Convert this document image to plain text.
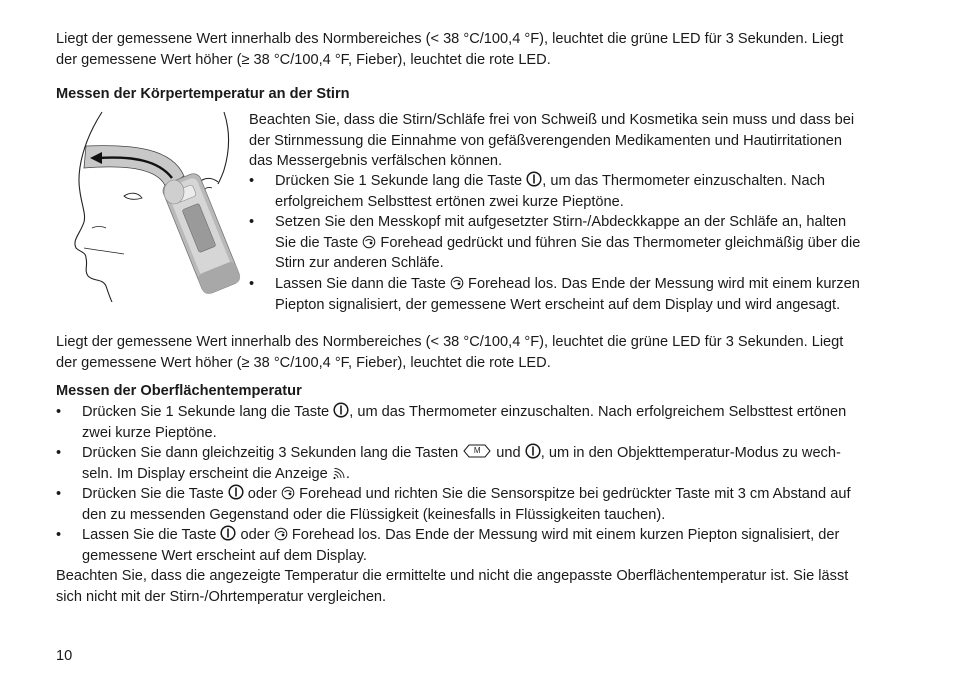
Liegt der gemessene Wert innerhalb des Normbereiches (< 38 °C/100,4 °F), leuchtet die grüne LED für 3 Sekunden. Liegt
der gemessene Wert höher (≥ 38 °C/100,4 °F, Fieber), leuchtet die rote LED.
Messen der Körpertemperatur an der Stirn
Beachten Sie, dass die Stirn/Schläfe frei von Schweiß und Kosmetika sein muss und dass bei
der Stirnmessung die Einnahme von gefäßverengenden Medikamenten und Hautirritationen
das Messergebnis verfälschen können.
• Drücken Sie 1 Sekunde lang die Taste , um das Thermometer einzuschalten. Nach
erfolgreichem Selbsttest ertönen zwei kurze Pieptöne.
• Setzen Sie den Messkopf mit aufgesetzter Stirn-/Abdeckkappe an der Schläfe an, halten
Sie die Taste  Forehead gedrückt und führen Sie das Thermometer gleichmäßig über die
Stirn zur anderen Schläfe.
• Lassen Sie dann die Taste  Forehead los. Das Ende der Messung wird mit einem kurzen
Piepton signalisiert, der gemessene Wert erscheint auf dem Display und wird angesagt.
Liegt der gemessene Wert innerhalb des Normbereiches (< 38 °C/100,4 °F), leuchtet die grüne LED für 3 Sekunden. Liegt
der gemessene Wert höher (≥ 38 °C/100,4 °F, Fieber), leuchtet die rote LED.
Messen der Oberflächentemperatur
• Drücken Sie 1 Sekunde lang die Taste , um das Thermometer einzuschalten. Nach erfolgreichem Selbsttest ertönen
zwei kurze Pieptöne.
• Drücken Sie dann gleichzeitig 3 Sekunden lang die Tasten	M und , um in den Objekttemperatur-Modus zu wech-
seln. Im Display erscheint die Anzeige .
• Drücken Sie die Taste  oder  Forehead und richten Sie die Sensorspitze bei gedrückter Taste mit 3 cm Abstand auf
den zu messenden Gegenstand oder die Flüssigkeit (keinesfalls in Flüssigkeiten tauchen).
• Lassen Sie die Taste  oder  Forehead los. Das Ende der Messung wird mit einem kurzen Piepton signalisiert, der
gemessene Wert erscheint auf dem Display.
Beachten Sie, dass die angezeigte Temperatur die ermittelte und nicht die angepasste Oberflächentemperatur ist. Sie lässt
sich nicht mit der Stirn-/Ohrtemperatur vergleichen.
10
